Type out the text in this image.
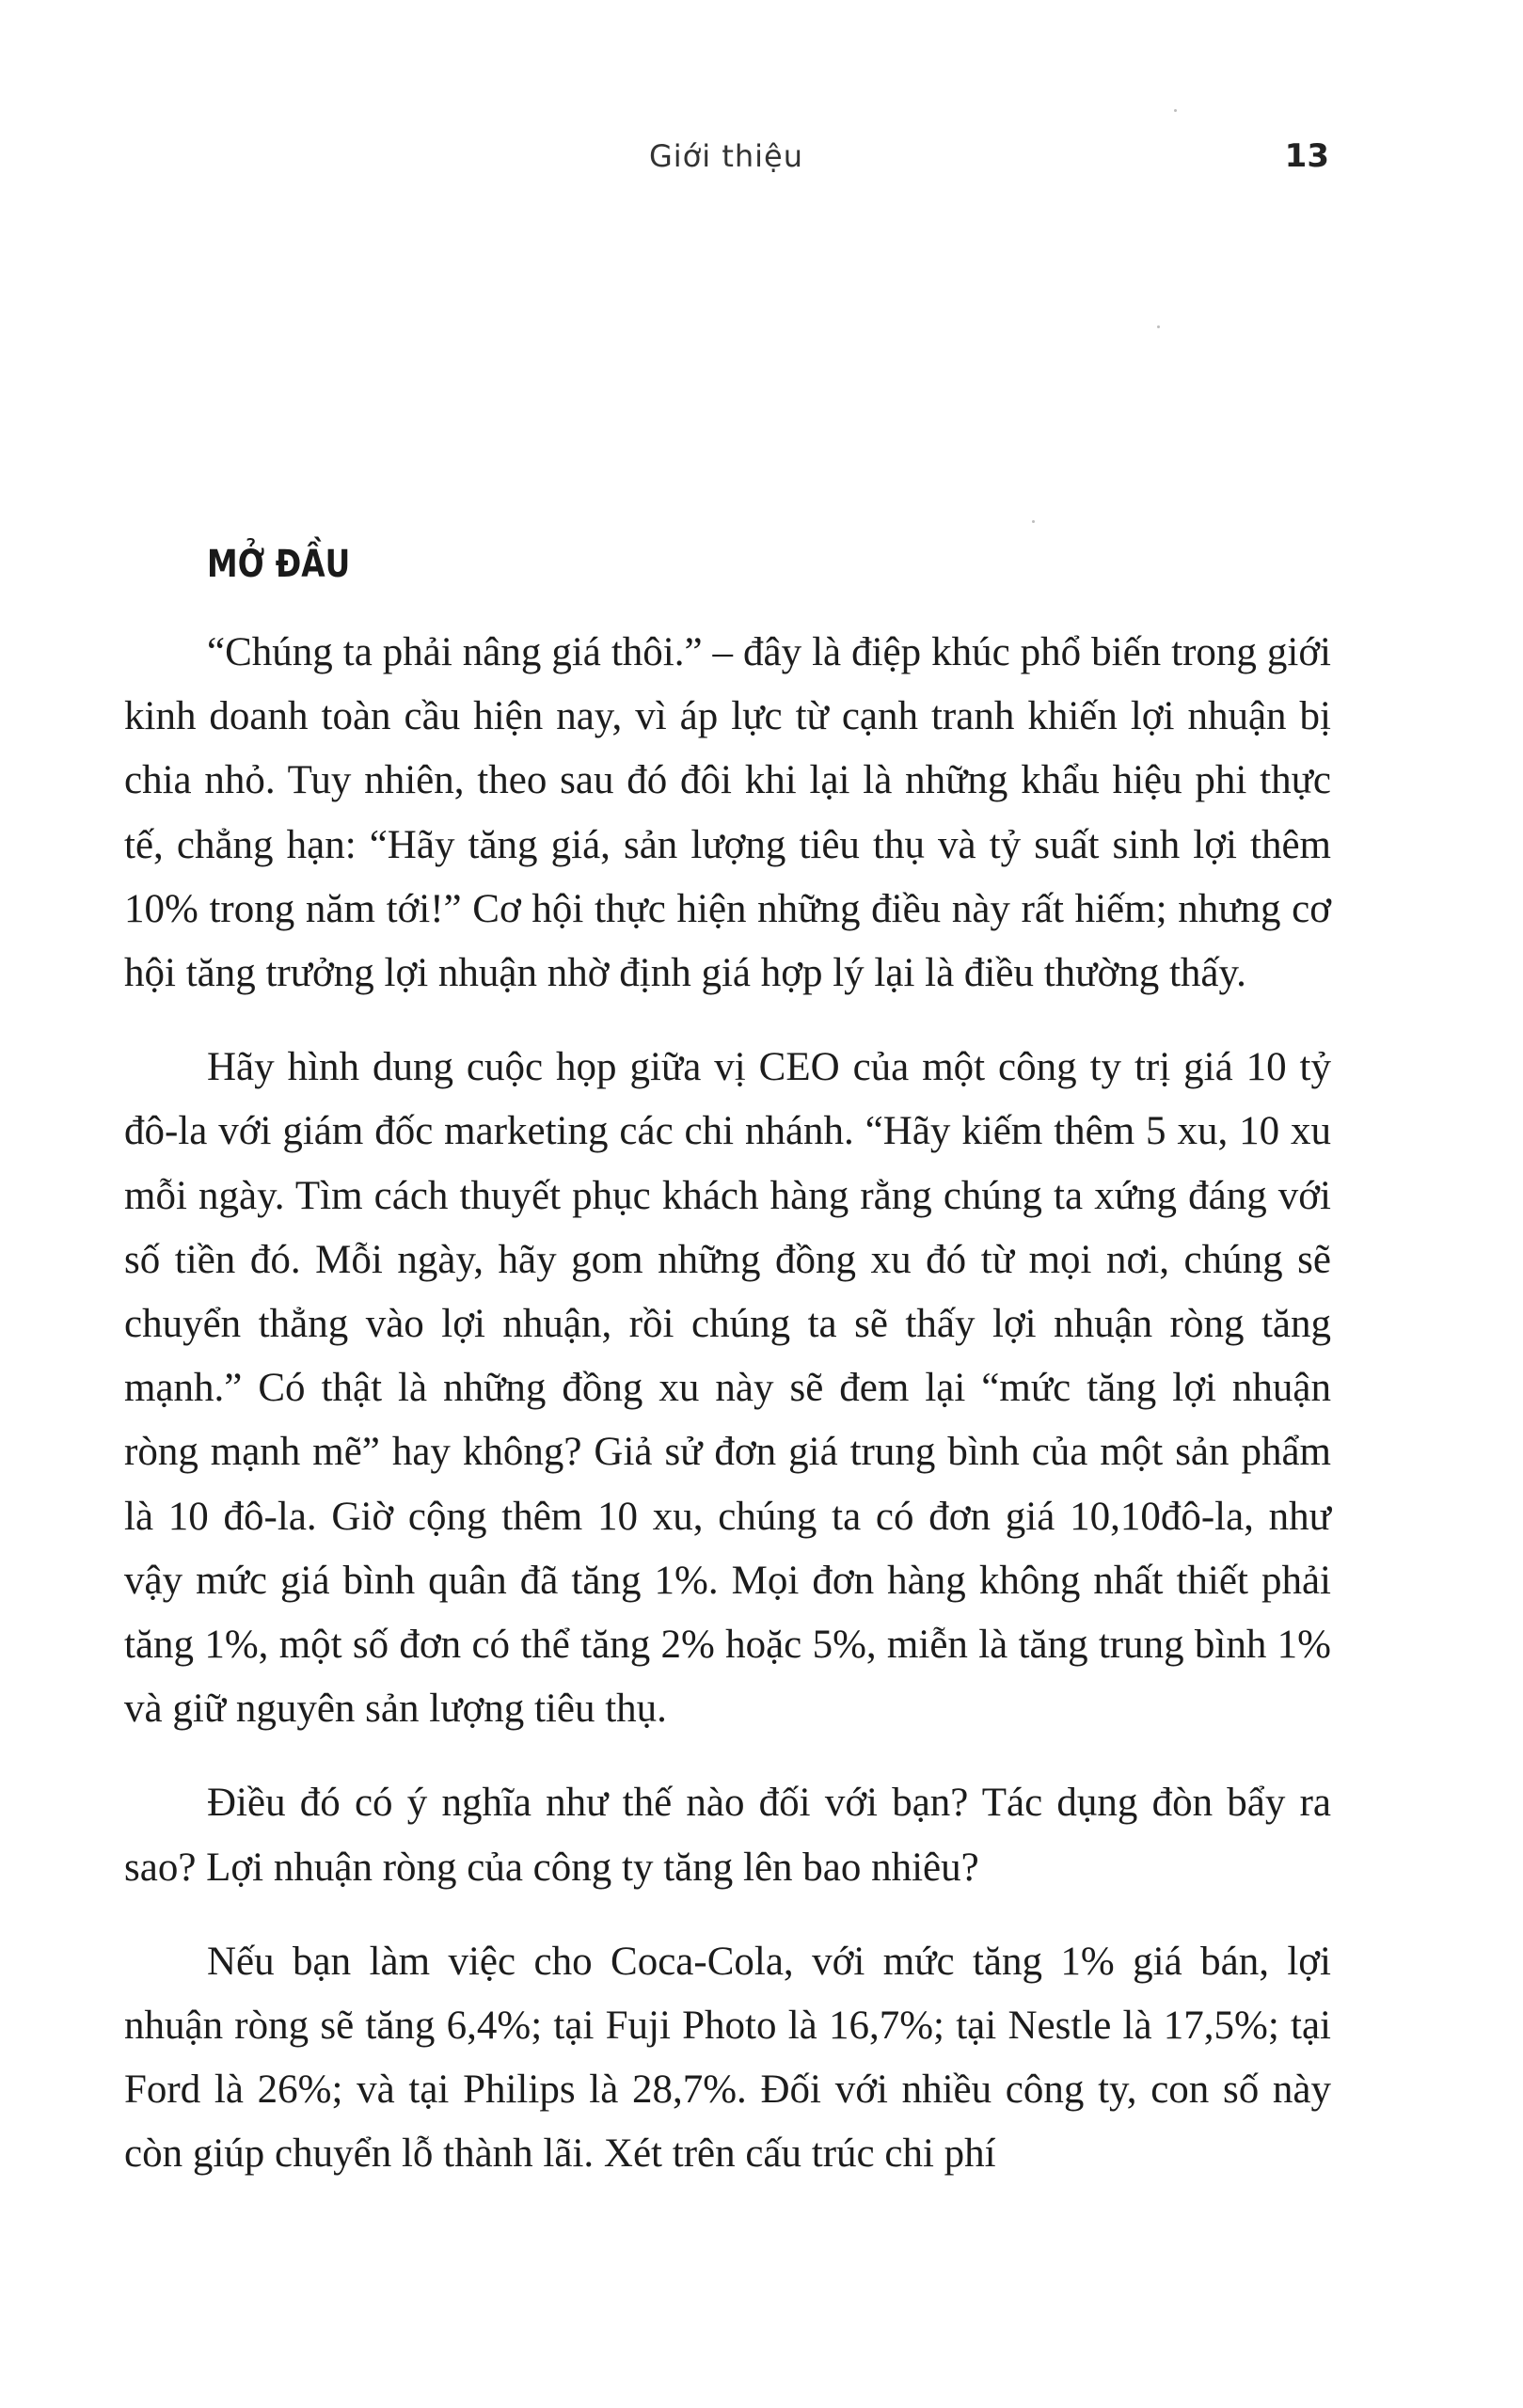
Giới thiệu	13
MỞ ĐẦU

“Chúng ta phải nâng giá thôi.” – đây là điệp khúc phổ biến trong giới kinh doanh toàn cầu hiện nay, vì áp lực từ cạnh tranh khiến lợi nhuận bị chia nhỏ. Tuy nhiên, theo sau đó đôi khi lại là những khẩu hiệu phi thực tế, chẳng hạn: “Hãy tăng giá, sản lượng tiêu thụ và tỷ suất sinh lợi thêm 10% trong năm tới!” Cơ hội thực hiện những điều này rất hiếm; nhưng cơ hội tăng trưởng lợi nhuận nhờ định giá hợp lý lại là điều thường thấy.

Hãy hình dung cuộc họp giữa vị CEO của một công ty trị giá 10 tỷ đô-la với giám đốc marketing các chi nhánh. “Hãy kiếm thêm 5 xu, 10 xu mỗi ngày. Tìm cách thuyết phục khách hàng rằng chúng ta xứng đáng với số tiền đó. Mỗi ngày, hãy gom những đồng xu đó từ mọi nơi, chúng sẽ chuyển thẳng vào lợi nhuận, rồi chúng ta sẽ thấy lợi nhuận ròng tăng mạnh.” Có thật là những đồng xu này sẽ đem lại “mức tăng lợi nhuận ròng mạnh mẽ” hay không? Giả sử đơn giá trung bình của một sản phẩm là 10 đô-la. Giờ cộng thêm 10 xu, chúng ta có đơn giá 10,10đô-la, như vậy mức giá bình quân đã tăng 1%. Mọi đơn hàng không nhất thiết phải tăng 1%, một số đơn có thể tăng 2% hoặc 5%, miễn là tăng trung bình 1% và giữ nguyên sản lượng tiêu thụ.

Điều đó có ý nghĩa như thế nào đối với bạn? Tác dụng đòn bẩy ra sao? Lợi nhuận ròng của công ty tăng lên bao nhiêu?

Nếu bạn làm việc cho Coca-Cola, với mức tăng 1% giá bán, lợi nhuận ròng sẽ tăng 6,4%; tại Fuji Photo là 16,7%; tại Nestle là 17,5%; tại Ford là 26%; và tại Philips là 28,7%. Đối với nhiều công ty, con số này còn giúp chuyển lỗ thành lãi. Xét trên cấu trúc chi phí
